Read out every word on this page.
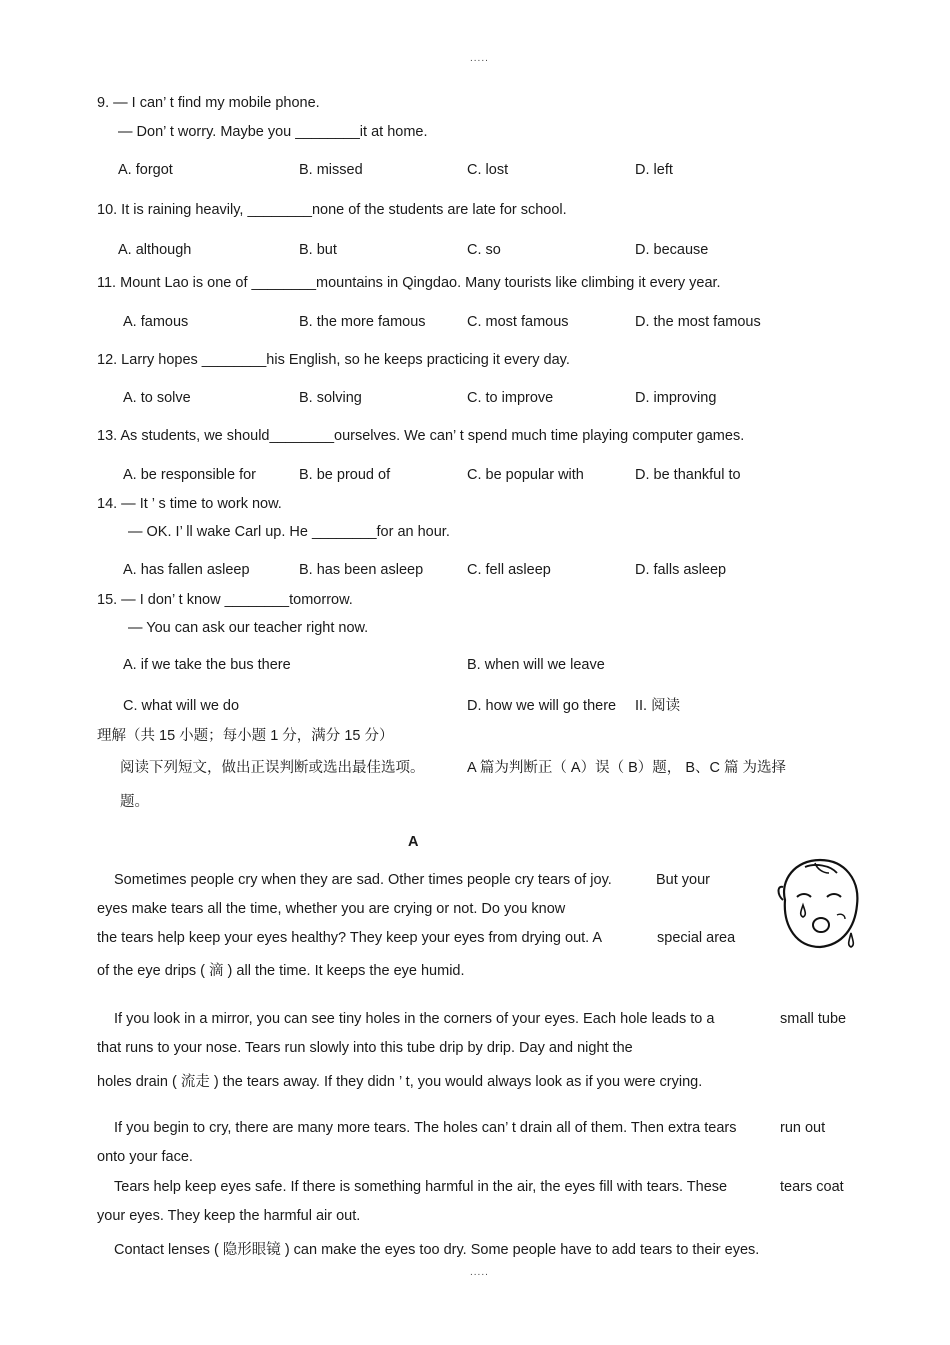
.....
9. — I can’ t find my mobile phone.
— Don’ t worry. Maybe you ________it at home.
A. forgot	B. missed	C. lost	D. left
10. It is raining heavily, ________none of the students are late for school.
A. although	B. but	C. so	D. because
11. Mount Lao is one of ________mountains in Qingdao. Many tourists like climbing it every year.
A. famous	B. the more famous	C. most famous	D. the most famous
12. Larry hopes ________his English, so he keeps practicing it every day.
A. to solve	B. solving	C. to improve	D. improving
13. As students, we should________ourselves. We can’ t spend much time playing computer games.
A. be responsible for	B. be proud of	C. be popular with	D. be thankful to
14. — It ’ s time to work now.
— OK. I’ ll wake Carl up. He ________for an hour.
A. has fallen asleep	B. has been asleep	C. fell asleep	D. falls asleep
15. — I don’ t know ________tomorrow.
— You can ask our teacher right now.
A. if we take the bus there	B. when will we leave
C. what will we do	D. how we will go there II. 阅读
理解（共 15 小题；每小题 1 分，满分 15 分）
阅读下列短文，做出正误判断或选出最佳选项。	A 篇为判断正（ A）误（ B）题， B、C 篇 为选择
题。
A
Sometimes people cry when they are sad. Other times people cry tears of joy.	But your
eyes make tears all the time, whether you are crying or not. Do you know
the tears help keep your eyes healthy? They keep your eyes from drying out. A	special area
of the eye drips ( 滴 ) all the time. It keeps the eye humid.
If you look in a mirror, you can see tiny holes in the corners of your eyes. Each hole leads to a	small tube
that runs to your nose. Tears run slowly into this tube drip by drip. Day and night the
holes drain ( 流走 ) the tears away. If they didn ’ t, you would always look as if you were crying.
If you begin to cry, there are many more tears. The holes can’ t drain all of them. Then extra tears	run out
onto your face.
Tears help keep eyes safe. If there is something harmful in the air, the eyes fill with tears. These	tears coat
your eyes. They keep the harmful air out.
Contact lenses ( 隐形眼镜 ) can make the eyes too dry. Some people have to add tears to their eyes.
.....
